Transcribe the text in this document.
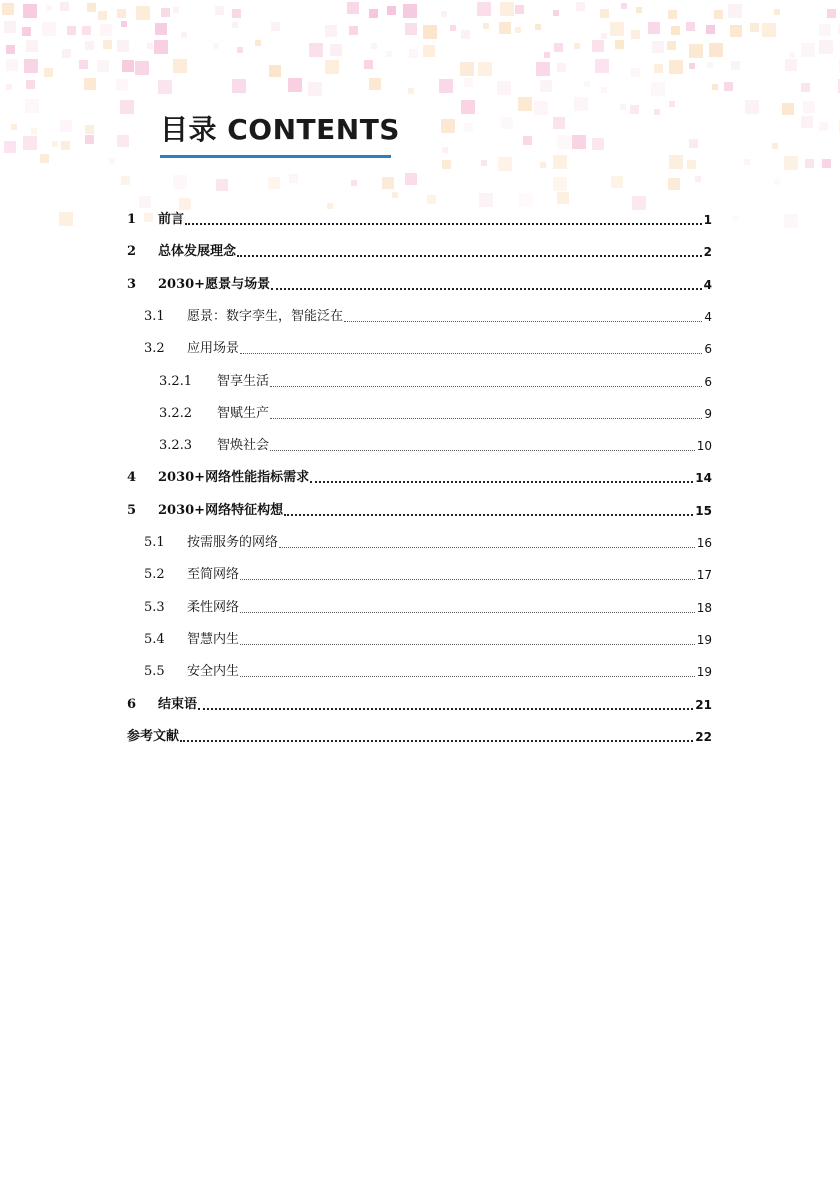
目录 CONTENTS
1	前言	1
2	总体发展理念	2
3	2030+愿景与场景	4
3.1	愿景：数字孪生，智能泛在	4
3.2	应用场景	6
3.2.1	智享生活	6
3.2.2	智赋生产	9
3.2.3	智焕社会	10
4	2030+网络性能指标需求	14
5	2030+网络特征构想	15
5.1	按需服务的网络	16
5.2	至简网络	17
5.3	柔性网络	18
5.4	智慧内生	19
5.5	安全内生	19
6	结束语	21
参考文献	22
